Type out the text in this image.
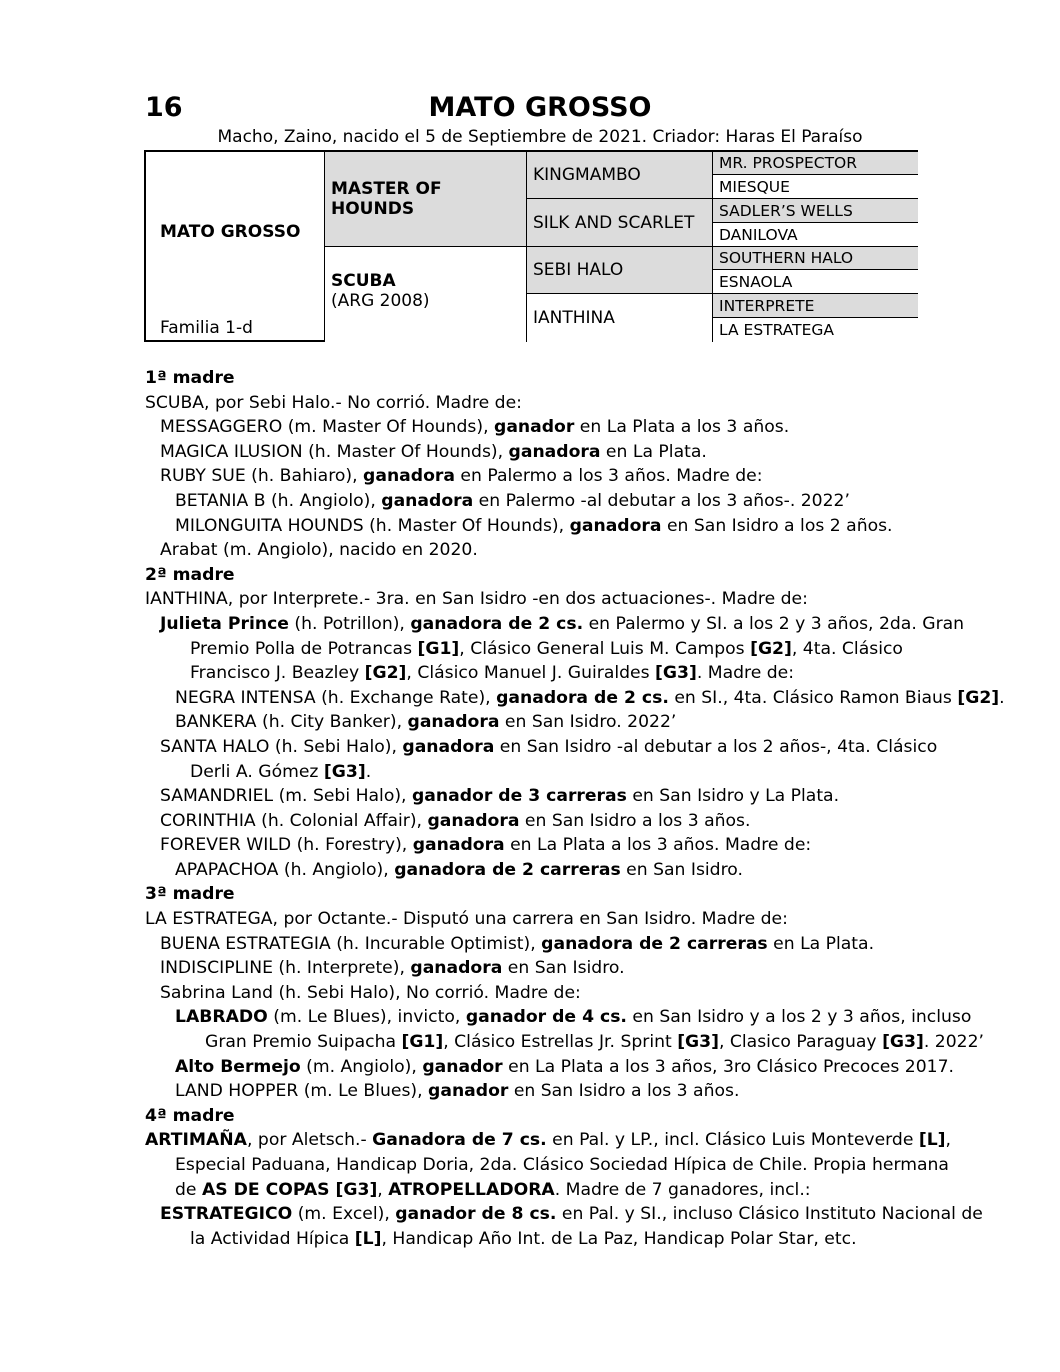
16	MATO GROSSO
Macho, Zaino, nacido el 5 de Septiembre de 2021. Criador: Haras El Paraíso
MATO GROSSO
Familia 1-d
MASTER OF HOUNDS
SCUBA
(ARG 2008)
KINGMAMBO
SILK AND SCARLET
SEBI HALO
IANTHINA
MR. PROSPECTOR
MIESQUE
SADLER’S WELLS
DANILOVA
SOUTHERN HALO
ESNAOLA
INTERPRETE
LA ESTRATEGA
1ª madre
SCUBA, por Sebi Halo.- No corrió. Madre de:
MESSAGGERO (m. Master Of Hounds), ganador en La Plata a los 3 años.
MAGICA ILUSION (h. Master Of Hounds), ganadora en La Plata.
RUBY SUE (h. Bahiaro), ganadora en Palermo a los 3 años. Madre de:
BETANIA B (h. Angiolo), ganadora en Palermo -al debutar a los 3 años-. 2022’
MILONGUITA HOUNDS (h. Master Of Hounds), ganadora en San Isidro a los 2 años.
Arabat (m. Angiolo), nacido en 2020.
2ª madre
IANTHINA, por Interprete.- 3ra. en San Isidro -en dos actuaciones-. Madre de:
Julieta Prince (h. Potrillon), ganadora de 2 cs. en Palermo y SI. a los 2 y 3 años, 2da. Gran
Premio Polla de Potrancas [G1], Clásico General Luis M. Campos [G2], 4ta. Clásico
Francisco J. Beazley [G2], Clásico Manuel J. Guiraldes [G3]. Madre de:
NEGRA INTENSA (h. Exchange Rate), ganadora de 2 cs. en SI., 4ta. Clásico Ramon Biaus [G2].
BANKERA (h. City Banker), ganadora en San Isidro. 2022’
SANTA HALO (h. Sebi Halo), ganadora en San Isidro -al debutar a los 2 años-, 4ta. Clásico
Derli A. Gómez [G3].
SAMANDRIEL (m. Sebi Halo), ganador de 3 carreras en San Isidro y La Plata.
CORINTHIA (h. Colonial Affair), ganadora en San Isidro a los 3 años.
FOREVER WILD (h. Forestry), ganadora en La Plata a los 3 años. Madre de:
APAPACHOA (h. Angiolo), ganadora de 2 carreras en San Isidro.
3ª madre
LA ESTRATEGA, por Octante.- Disputó una carrera en San Isidro. Madre de:
BUENA ESTRATEGIA (h. Incurable Optimist), ganadora de 2 carreras en La Plata.
INDISCIPLINE (h. Interprete), ganadora en San Isidro.
Sabrina Land (h. Sebi Halo), No corrió. Madre de:
LABRADO (m. Le Blues), invicto, ganador de 4 cs. en San Isidro y a los 2 y 3 años, incluso
Gran Premio Suipacha [G1], Clásico Estrellas Jr. Sprint [G3], Clasico Paraguay [G3]. 2022’
Alto Bermejo (m. Angiolo), ganador en La Plata a los 3 años, 3ro Clásico Precoces 2017.
LAND HOPPER (m. Le Blues), ganador en San Isidro a los 3 años.
4ª madre
ARTIMAÑA, por Aletsch.- Ganadora de 7 cs. en Pal. y LP., incl. Clásico Luis Monteverde [L],
Especial Paduana, Handicap Doria, 2da. Clásico Sociedad Hípica de Chile. Propia hermana
de AS DE COPAS [G3], ATROPELLADORA. Madre de 7 ganadores, incl.:
ESTRATEGICO (m. Excel), ganador de 8 cs. en Pal. y SI., incluso Clásico Instituto Nacional de
la Actividad Hípica [L], Handicap Año Int. de La Paz, Handicap Polar Star, etc.
